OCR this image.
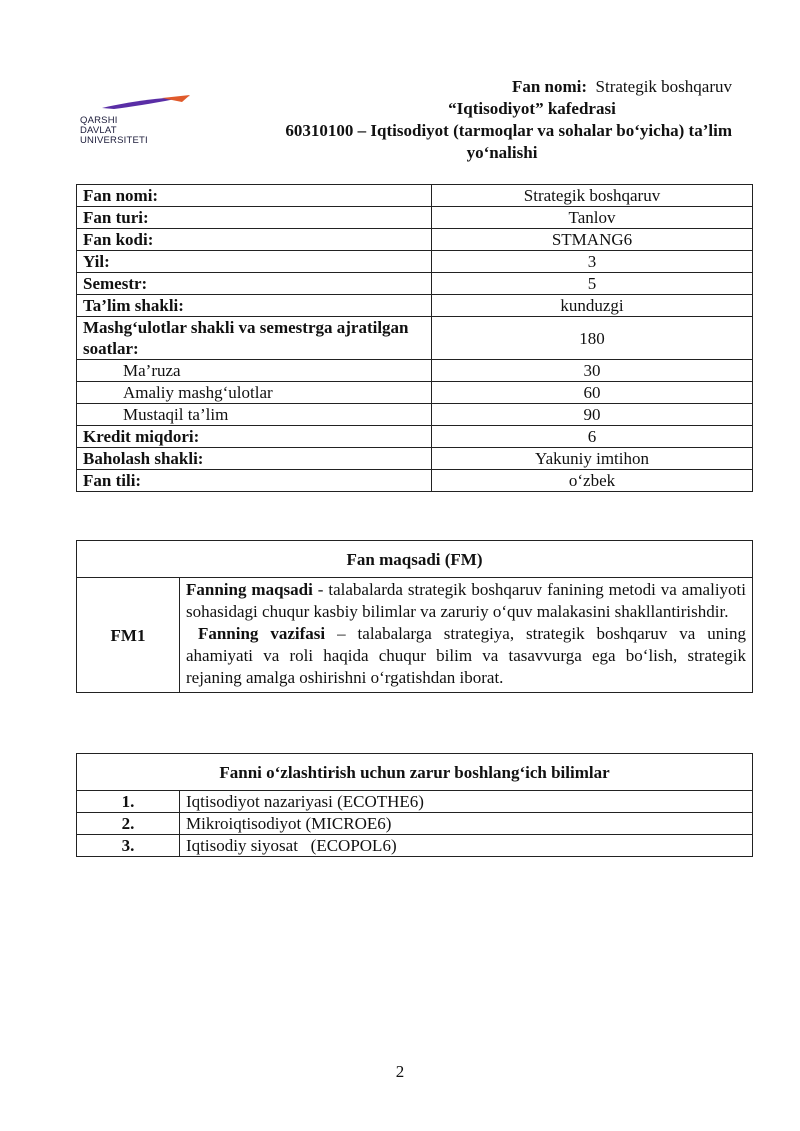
QARSHI
DAVLAT
UNIVERSITETI
Fan nomi: Strategik boshqaruv
“Iqtisodiyot” kafedrasi
60310100 – Iqtisodiyot (tarmoqlar va sohalar bo‘yicha) ta’lim
yo‘nalishi
Fan nomi:	Strategik boshqaruv
Fan turi:	Tanlov
Fan kodi:	STMANG6
Yil:	3
Semestr:	5
Ta’lim shakli:	kunduzgi
Mashg‘ulotlar shakli va semestrga ajratilgan soatlar:	180
Ma’ruza	30
Amaliy mashg‘ulotlar	60
Mustaqil ta’lim	90
Kredit miqdori:	6
Baholash shakli:	Yakuniy imtihon
Fan tili:	o‘zbek
Fan maqsadi (FM)
FM1	Fanning maqsadi - talabalarda strategik boshqaruv fanining metodi va amaliyoti sohasidagi chuqur kasbiy bilimlar va zaruriy o‘quv malakasini shakllantirishdir.
Fanning vazifasi – talabalarga strategiya, strategik boshqaruv va uning ahamiyati va roli haqida chuqur bilim va tasavvurga ega bo‘lish, strategik rejaning amalga oshirishni o‘rgatishdan iborat.
Fanni o‘zlashtirish uchun zarur boshlang‘ich bilimlar	
1.	Iqtisodiyot nazariyasi (ECOTHE6)
2.	Mikroiqtisodiyot (MICROE6)
3.	Iqtisodiy siyosat   (ECOPOL6)
2
